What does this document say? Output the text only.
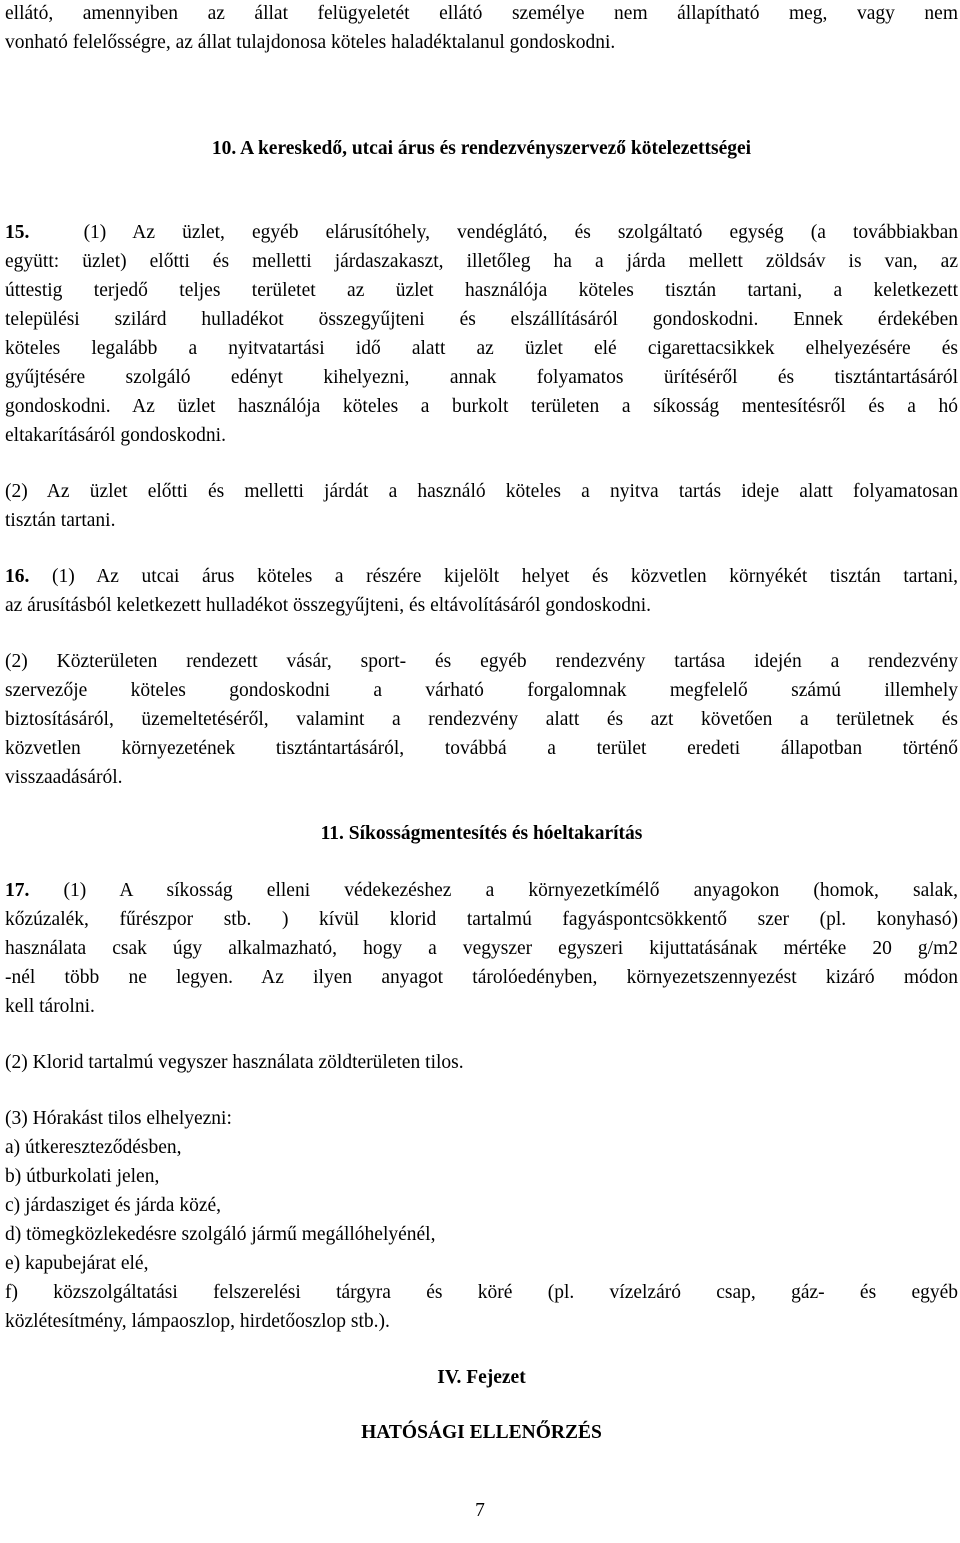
ellátó, amennyiben az állat felügyeletét ellátó személye nem állapítható meg, vagy nem
vonható felelősségre, az állat tulajdonosa köteles haladéktalanul gondoskodni.
10. A kereskedő, utcai árus és rendezvényszervező kötelezettségei
15.	(1) Az üzlet, egyéb elárusítóhely, vendéglátó, és szolgáltató egység (a továbbiakban
együtt: üzlet) előtti és melletti járdaszakaszt, illetőleg ha a járda mellett zöldsáv is van, az
úttestig terjedő teljes területet az üzlet használója köteles tisztán tartani, a keletkezett
települési szilárd hulladékot összegyűjteni és elszállításáról gondoskodni. Ennek érdekében
köteles legalább a nyitvatartási idő alatt az üzlet elé cigarettacsikkek elhelyezésére és
gyűjtésére szolgáló edényt kihelyezni, annak folyamatos ürítéséről és tisztántartásáról
gondoskodni. Az üzlet használója köteles a burkolt területen a síkosság mentesítésről és a hó
eltakarításáról gondoskodni.
(2) Az üzlet előtti és melletti járdát a használó köteles a nyitva tartás ideje alatt folyamatosan
tisztán tartani.
16. (1) Az utcai árus köteles a részére kijelölt helyet és közvetlen környékét tisztán tartani,
az árusításból keletkezett hulladékot összegyűjteni, és eltávolításáról gondoskodni.
(2) Közterületen rendezett vásár, sport- és egyéb rendezvény tartása idején a rendezvény
szervezője köteles gondoskodni a várható forgalomnak megfelelő számú illemhely
biztosításáról, üzemeltetéséről, valamint a rendezvény alatt és azt követően a területnek és
közvetlen környezetének tisztántartásáról, továbbá a terület eredeti állapotban történő
visszaadásáról.
11. Síkosságmentesítés és hóeltakarítás
17. (1) A síkosság elleni védekezéshez a környezetkímélő anyagokon (homok, salak,
kőzúzalék, fűrészpor stb. ) kívül klorid tartalmú fagyáspontcsökkentő szer (pl. konyhasó)
használata csak úgy alkalmazható, hogy a vegyszer egyszeri kijuttatásának mértéke 20 g/m2
-nél több ne legyen. Az ilyen anyagot tárolóedényben, környezetszennyezést kizáró módon
kell tárolni.
(2) Klorid tartalmú vegyszer használata zöldterületen tilos.
(3) Hórakást tilos elhelyezni:
a) útkereszteződésben,
b) útburkolati jelen,
c) járdasziget és járda közé,
d) tömegközlekedésre szolgáló jármű megállóhelyénél,
e) kapubejárat elé,
f) közszolgáltatási felszerelési tárgyra és köré (pl. vízelzáró csap, gáz- és egyéb
közlétesítmény, lámpaoszlop, hirdetőoszlop stb.).
IV. Fejezet
HATÓSÁGI ELLENŐRZÉS
7
